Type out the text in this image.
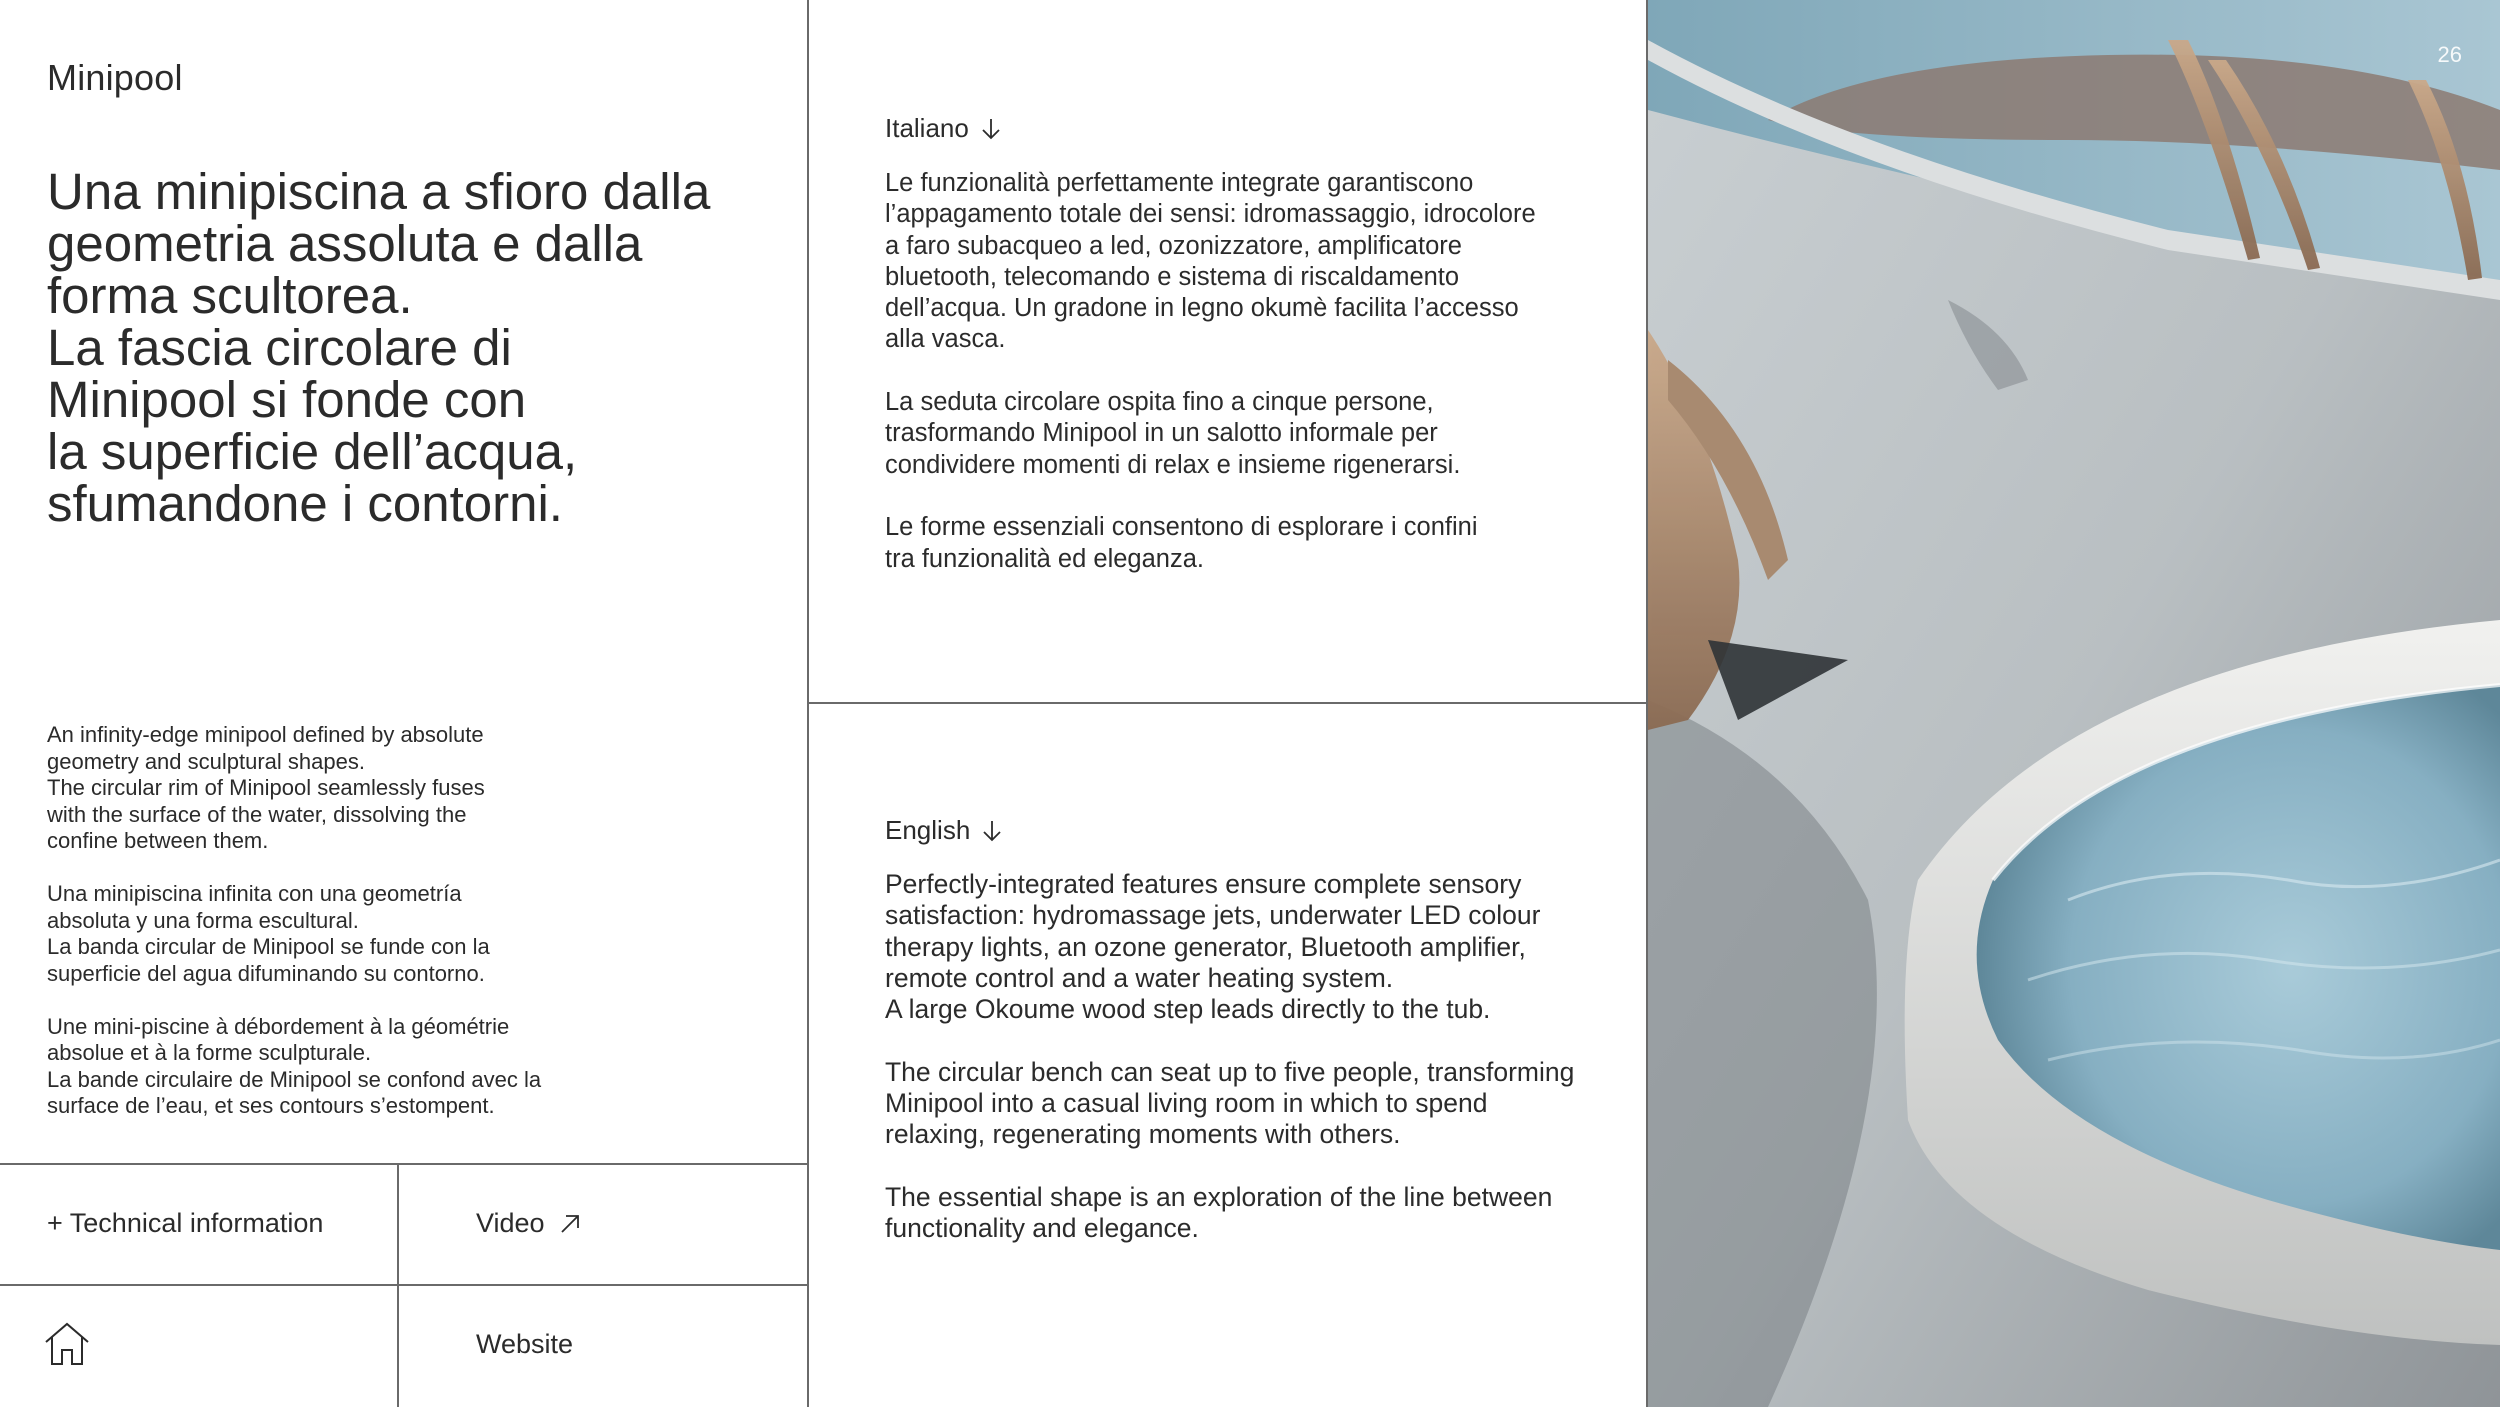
Minipool
Una minipiscina a sfioro dalla
geometria assoluta e dalla
forma scultorea.
La fascia circolare di
Minipool si fonde con
la superficie dell’acqua,
sfumandone i contorni.

An infinity-edge minipool defined by absolute
geometry and sculptural shapes.
The circular rim of Minipool seamlessly fuses
with the surface of the water, dissolving the
confine between them.

Una minipiscina infinita con una geometría
absoluta y una forma escultural.
La banda circular de Minipool se funde con la
superficie del agua difuminando su contorno.

Une mini-piscine à débordement à la géométrie
absolue et à la forme sculpturale.
La bande circulaire de Minipool se confond avec la
surface de l’eau, et ses contours s’estompent.

+ Technical information	Video
Website
Italiano

Le funzionalità perfettamente integrate garantiscono
l’appagamento totale dei sensi: idromassaggio, idrocolore
a faro subacqueo a led, ozonizzatore, amplificatore
bluetooth, telecomando e sistema di riscaldamento
dell’acqua. Un gradone in legno okumè facilita l’accesso
alla vasca.

La seduta circolare ospita fino a cinque persone,
trasformando Minipool in un salotto informale per
condividere momenti di relax e insieme rigenerarsi.

Le forme essenziali consentono di esplorare i confini
tra funzionalità ed eleganza.

English

Perfectly-integrated features ensure complete sensory
satisfaction: hydromassage jets, underwater LED colour
therapy lights, an ozone generator, Bluetooth amplifier,
remote control and a water heating system.
A large Okoume wood step leads directly to the tub.

The circular bench can seat up to five people, transforming
Minipool into a casual living room in which to spend
relaxing, regenerating moments with others.

The essential shape is an exploration of the line between
functionality and elegance.

26
